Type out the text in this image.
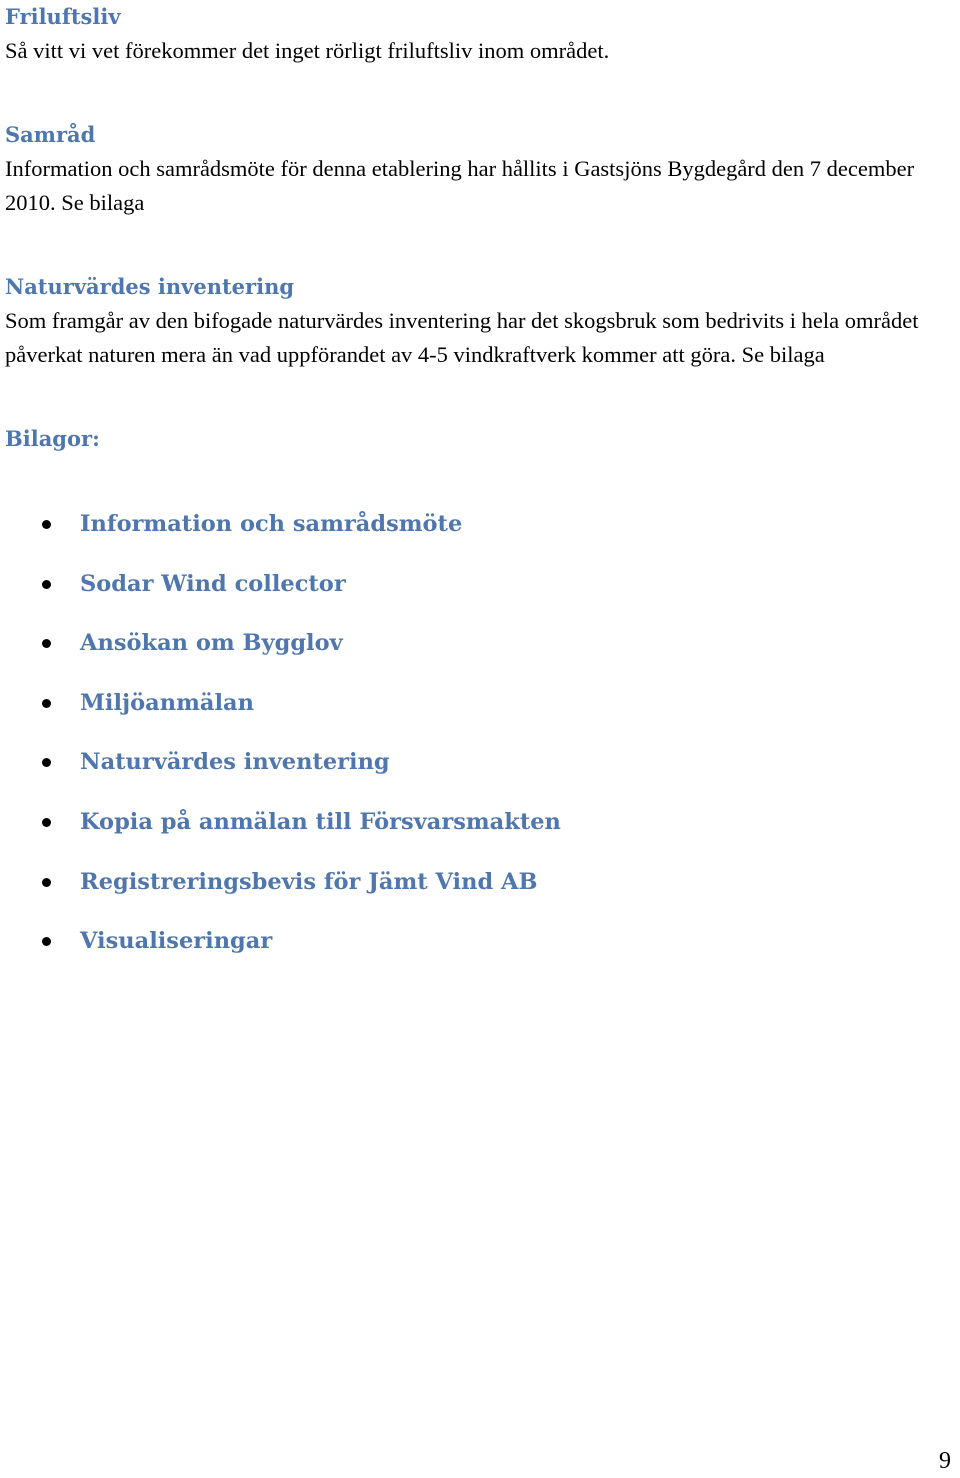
Friluftsliv

Så vitt vi vet förekommer det inget rörligt friluftsliv inom området.

Samråd

Information och samrådsmöte för denna etablering har hållits i Gastsjöns Bygdegård den 7 december 2010. Se bilaga

Naturvärdes inventering

Som framgår av den bifogade naturvärdes inventering har det skogsbruk som bedrivits i hela området påverkat naturen mera än vad uppförandet av 4-5 vindkraftverk kommer att göra. Se bilaga

Bilagor:
Information och samrådsmöte
Sodar Wind collector
Ansökan om Bygglov
Miljöanmälan
Naturvärdes inventering
Kopia på anmälan till Försvarsmakten
Registreringsbevis för Jämt Vind AB
Visualiseringar
9
